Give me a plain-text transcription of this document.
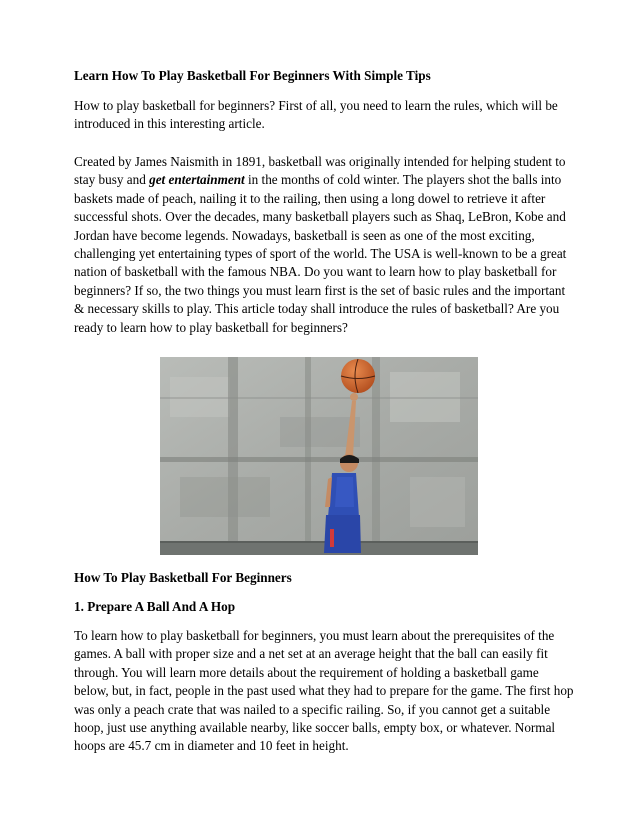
Learn How To Play Basketball For Beginners With Simple Tips
How to play basketball for beginners? First of all, you need to learn the rules, which will be introduced in this interesting article.
Created by James Naismith in 1891, basketball was originally intended for helping student to stay busy and get entertainment in the months of cold winter. The players shot the balls into baskets made of peach, nailing it to the railing, then using a long dowel to retrieve it after successful shots. Over the decades, many basketball players such as Shaq, LeBron, Kobe and Jordan have become legends. Nowadays, basketball is seen as one of the most exciting, challenging yet entertaining types of sport of the world. The USA is well-known to be a great nation of basketball with the famous NBA. Do you want to learn how to play basketball for beginners? If so, the two things you must learn first is the set of basic rules and the important & necessary skills to play. This article today shall introduce the rules of basketball? Are you ready to learn how to play basketball for beginners?
How To Play Basketball For Beginners
1. Prepare A Ball And A Hop
To learn how to play basketball for beginners, you must learn about the prerequisites of the games. A ball with proper size and a net set at an average height that the ball can easily fit through. You will learn more details about the requirement of holding a basketball game below, but, in fact, people in the past used what they had to prepare for the game. The first hop was only a peach crate that was nailed to a specific railing. So, if you cannot get a suitable hoop, just use anything available nearby, like soccer balls, empty box, or whatever. Normal hoops are 45.7 cm in diameter and 10 feet in height.
